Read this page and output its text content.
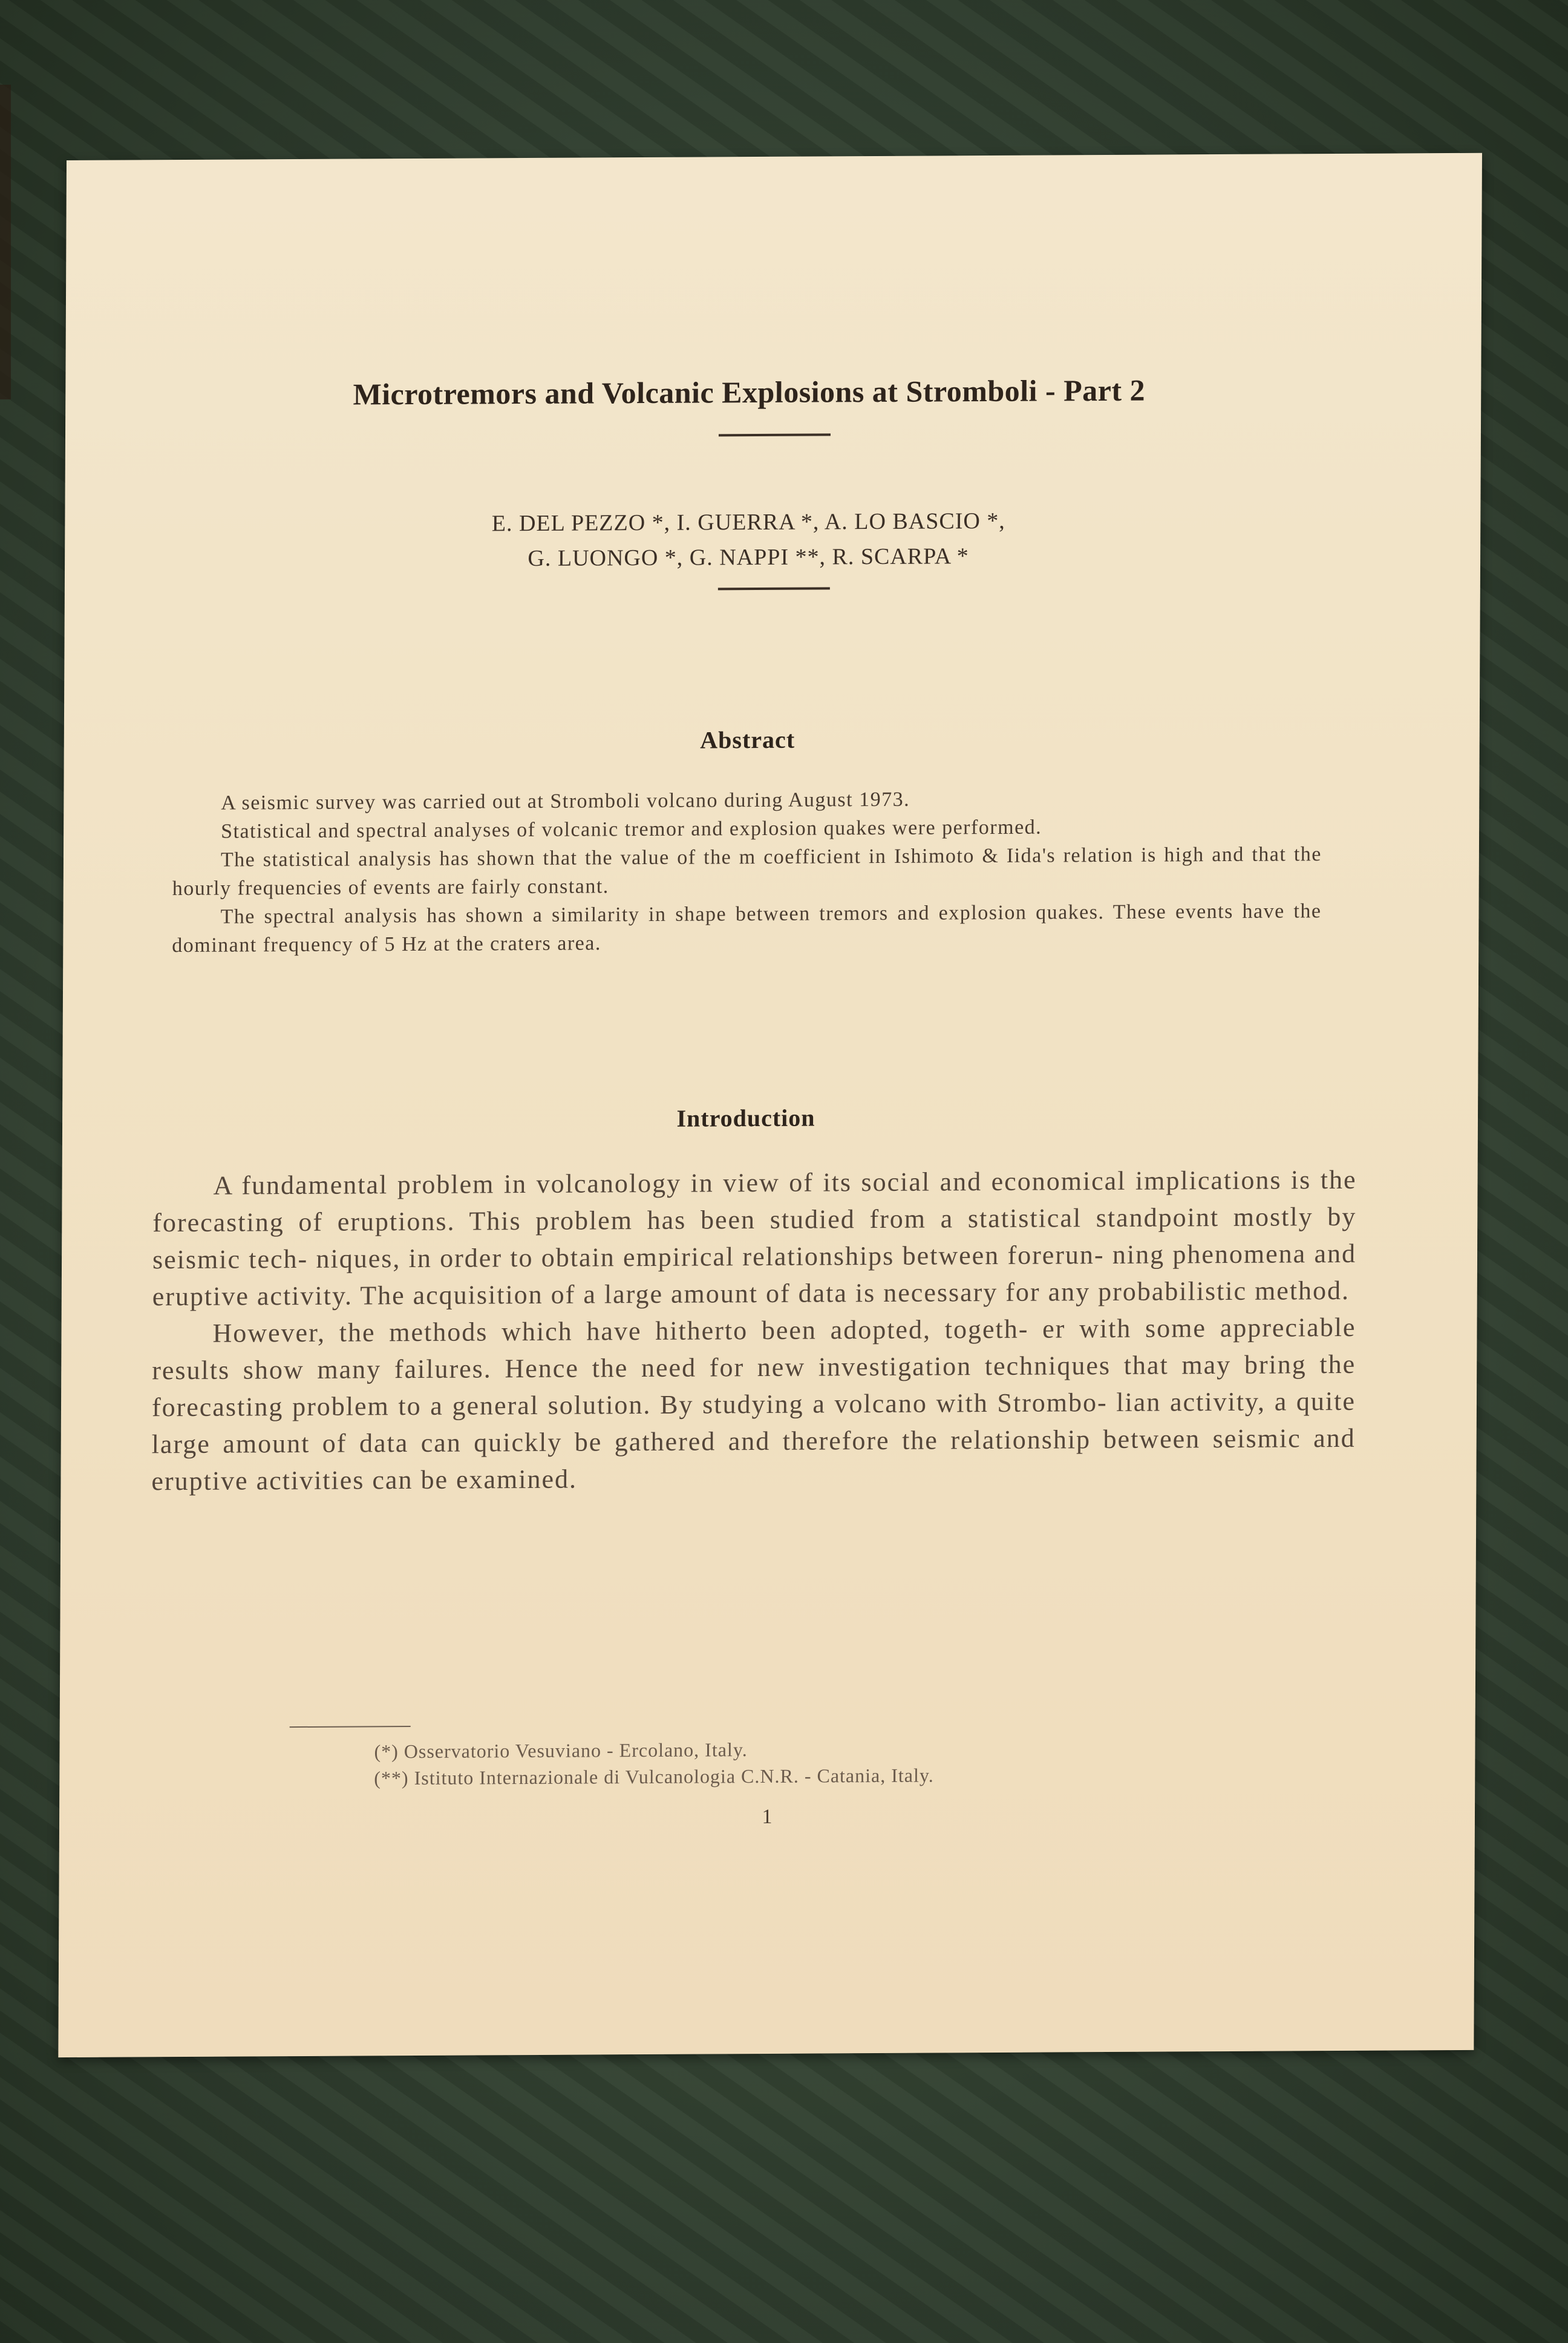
Microtremors and Volcanic Explosions at Stromboli - Part 2
E. DEL PEZZO *, I. GUERRA *, A. LO BASCIO *,
G. LUONGO *, G. NAPPI **, R. SCARPA *
Abstract

A seismic survey was carried out at Stromboli volcano during August 1973.

Statistical and spectral analyses of volcanic tremor and explosion quakes were performed.

The statistical analysis has shown that the value of the m coefficient in Ishimoto & Iida's relation is high and that the hourly frequencies of events are fairly constant.

The spectral analysis has shown a similarity in shape between tremors and explosion quakes. These events have the dominant frequency of 5 Hz at the craters area.

Introduction

A fundamental problem in volcanology in view of its social and economical implications is the forecasting of eruptions. This problem has been studied from a statistical standpoint mostly by seismic tech- niques, in order to obtain empirical relationships between forerun- ning phenomena and eruptive activity. The acquisition of a large amount of data is necessary for any probabilistic method.

However, the methods which have hitherto been adopted, togeth- er with some appreciable results show many failures. Hence the need for new investigation techniques that may bring the forecasting problem to a general solution. By studying a volcano with Strombo- lian activity, a quite large amount of data can quickly be gathered and therefore the relationship between seismic and eruptive activities can be examined.

(*) Osservatorio Vesuviano - Ercolano, Italy.
(**) Istituto Internazionale di Vulcanologia C.N.R. - Catania, Italy.
1
